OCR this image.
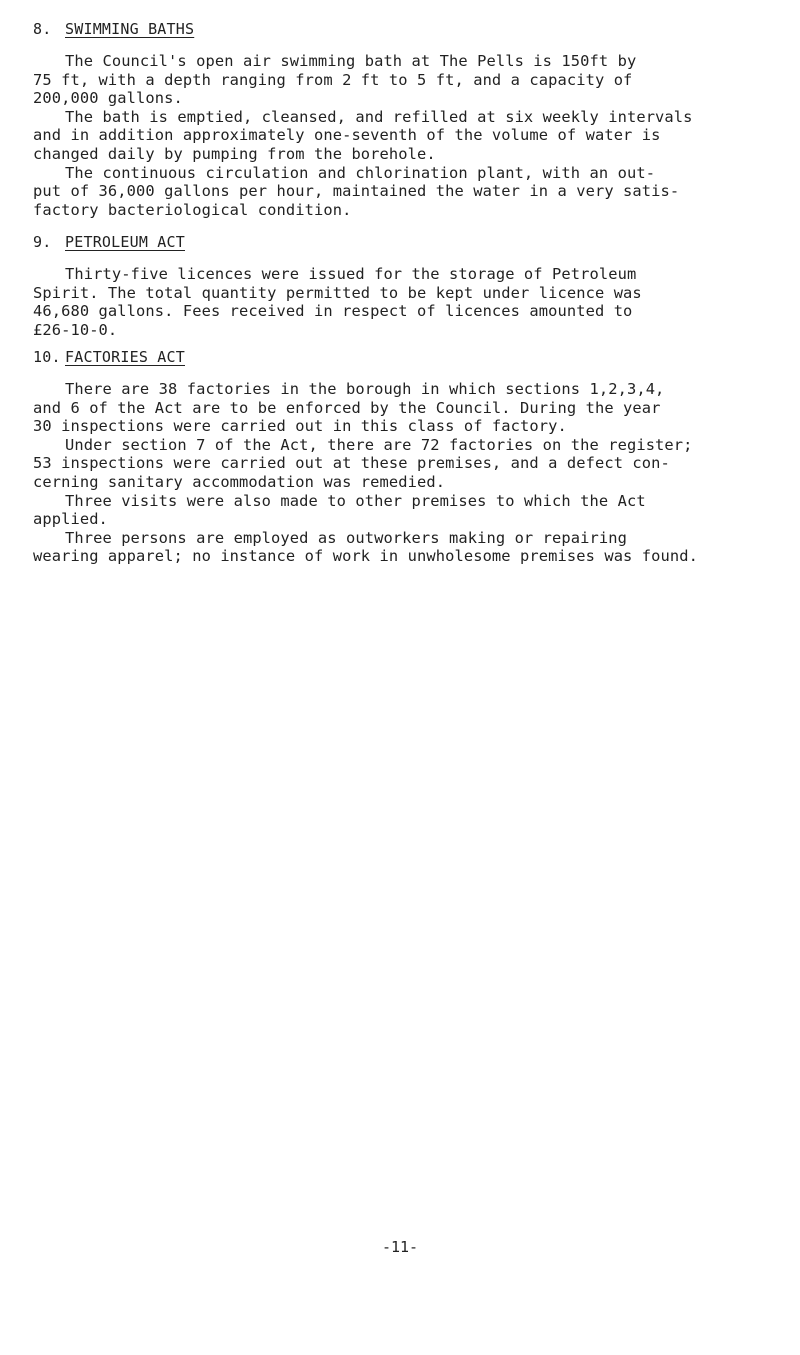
8. SWIMMING BATHS
The Council's open air swimming bath at The Pells is 150ft by
75 ft, with a depth ranging from 2 ft to 5 ft, and a capacity of
200,000 gallons.
The bath is emptied, cleansed, and refilled at six weekly intervals
and in addition approximately one-seventh of the volume of water is
changed daily by pumping from the borehole.
The continuous circulation and chlorination plant, with an out-
put of 36,000 gallons per hour, maintained the water in a very satis-
factory bacteriological condition.
9. PETROLEUM ACT
Thirty-five licences were issued for the storage of Petroleum
Spirit. The total quantity permitted to be kept under licence was
46,680 gallons. Fees received in respect of licences amounted to
£26-10-0.
10. FACTORIES ACT
There are 38 factories in the borough in which sections 1,2,3,4,
and 6 of the Act are to be enforced by the Council. During the year
30 inspections were carried out in this class of factory.
Under section 7 of the Act, there are 72 factories on the register;
53 inspections were carried out at these premises, and a defect con-
cerning sanitary accommodation was remedied.
Three visits were also made to other premises to which the Act
applied.
Three persons are employed as outworkers making or repairing
wearing apparel; no instance of work in unwholesome premises was found.
-11-
